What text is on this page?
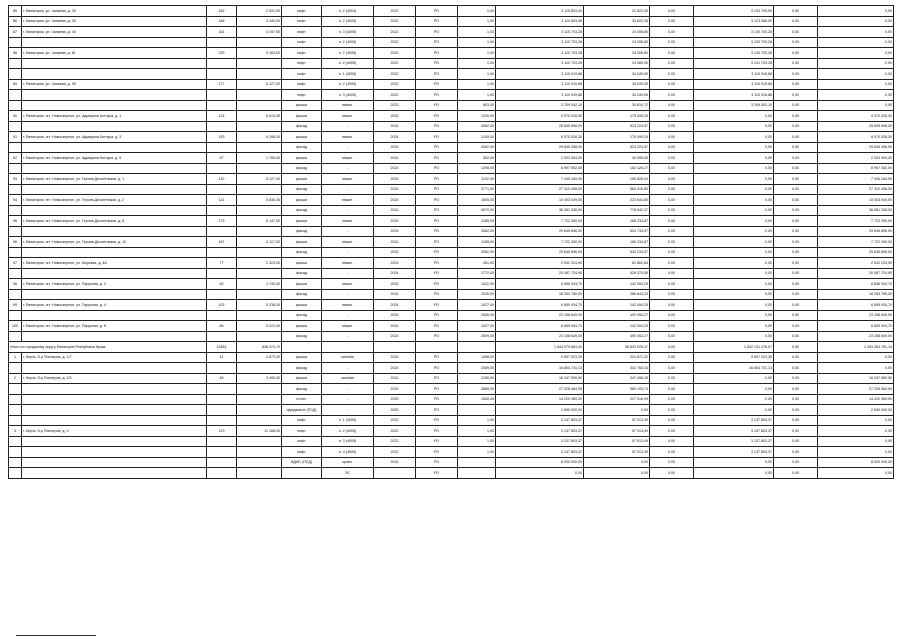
85	г. Евпатория, ул. Чапаева, д. 35	182	2 531,00	лифт	п. 2 (4004)	2022	РО	1,00	3 110 803,40	22 822,39	0,00	3 133 709,00	0,00	0,00
86	г. Евпатория, ул. Чапаева, д. 39	166	3 449,00	лифт	п. 2 (4005)	2022	РО	1,00	3 110 803,46	33 822,39	0,00	3 123 086,00	0,00	0,00
87	г. Евпатория, ул. Чапаева, д. 40	161	3 197,00	лифт	п. 3 (4005)	2022	РО	1,00	3 110 703,28	24 006,80	0,00	3 130 703,28	0,00	0,00
				лифт	п. 2 (4005)	2022	РО	1,00	3 110 703,28	24 006,80	0,00	3 130 703,28	0,00	0,00
88	г. Евпатория, ул. Чапаева, д. 81	225	3 163,00	лифт	п. 2 (4005)	2022	РО	1,00	3 110 703,28	24 006,80	0,00	3 130 703,28	0,00	0,00
				лифт	п. 2 (4005)	2022	РО	1,00	3 110 703,28	24 069,00	0,00	3 131 703,28	0,00	0,00
				лифт	п. 1 (4005)	2022	РО	1,00	3 110 919,88	34 049,05	0,00	3 110 918,88	0,00	0,00
89	г. Евпатория, ул. Чапаева, д. 95	277	6 127,00	лифт	п. 2 (4005)	2022	РО	1,00	3 110 919,88	34 049,05	0,00	3 110 919,88	0,00	0,00
				лифт	п. 3 (4005)	2022	РО	1,00	3 110 919,88	34 049,05	0,00	3 110 918,88	0,00	0,00
				крыша	нежил.	2023	РО	803,00	3 209 042,10	30 610,72	0,00	3 209 002,10	0,00	0,00
90	г. Евпатория, пгт. Новоозерное, ул. Адмирала Котлука, д. 1	124	6 613,45	крыша	нежил.	2024	РО	1249,00	9 070 028,30	175 099,20	0,00	0,00	0,00	9 070 028,30
				фасад	-	2024	РО	4062,00	25 845 898,00	524 224,57	0,00	0,00	0,00	25 845 898,00
91	г. Евпатория, пгт. Новоозерное, ул. Адмирала Котлука, д. 3	153	6 288,00	крыша	нежил.	2024	РО	1249,00	8 070 028,30	175 099,20	0,00	0,00	0,00	8 070 028,30
				фасад	-	2024	РО	4062,00	29 845 398,00	524 224,57	0,00	0,00	0,00	29 845 398,00
92	г. Евпатория, пгт. Новоозерное, ул. Адмирала Котлука, д. 5	57	1 769,00	крыша	нежил.	2024	РО	552,00	2 003 904,00	40 555,55	0,00	0,00	0,00	2 003 904,00
				фасад	-	2024	РО	1298,00	8 997 052,00	182 426,27	0,00	0,00	0,00	8 997 052,00
93	г. Евпатория, пгт. Новоозерное, ул. Героев-Десантников, д. 1	110	5 127,00	крыша	нежил.	2024	РО	1102,00	7 445 184,00	159 826,04	0,00	0,00	0,00	7 445 184,00
				фасад	-	2024	РО	3771,00	27 310 498,00	584 415,80	0,00	0,00	0,00	27 310 498,00
94	г. Евпатория, пгт. Новоозерное, ул. Героев-Десантников, д. 2	121	5 830,45	крыша	нежил.	2024	РО	1605,00	10 403 049,00	223 844,80	0,00	0,00	0,00	10 403 049,00
				фасад	-	2024	РО	4970,00	36 081 336,00	778 042,37	0,00	0,00	0,00	36 081 336,00
95	г. Евпатория, пгт. Новоозерное, ул. Героев-Десантников, д. 8	175	6 147,00	крыша	нежил.	2024	РО	1185,00	7 722 390,00	165 234,87	0,00	0,00	0,00	7 722 390,00
				фасад	-	2024	РО	4062,00	29 645 896,00	624 734,57	0,00	0,00	0,00	29 645 896,00
96	г. Евпатория, пгт. Новоозерное, ул. Героев-Десантников, д. 10	167	6 117,00	крыша	нежил.	2024	РО	1185,00	7 722 390,00	165 234,87	0,00	0,00	0,00	7 722 390,00
				фасад	-	2024	РО	4062,00	29 645 896,00	634 234,57	0,00	0,00	0,00	29 645 896,00
97	г. Евпатория, пгт. Новоозерное, ул. Морская, д. 4А	77	2 323,00	крыша	нежил.	2024	РО	451,00	2 942 224,90	62 862,64	0,00	0,00	0,00	2 942 224,90
				фасад	-	2024	РО	2772,00	20 087 724,90	429 375,55	0,00	0,00	0,00	20 087 724,90
98	г. Евпатория, пгт. Новоозерное, ул. Парусная, д. 2	40	1 740,00	крыша	нежил.	2024	РО	1022,00	6 658 934,70	142 094,25	0,00	0,00	0,00	6 658 934,70
				фасад	-	2024	РО	2026,00	18 253 789,00	286 844,33	0,00	0,00	0,00	18 253 789,00
99	г. Евпатория, пгт. Новоозерное, ул. Парусная, д. 4	102	5 238,00	крыша	нежил.	2024	РО	1027,00	6 659 934,70	142 094,25	0,00	0,00	0,00	6 659 934,70
				фасад	-	2024	РО	2506,00	23 158 649,00	490 053,27	0,00	0,00	0,00	23 158 649,00
100	г. Евпатория, пгт. Новоозерное, ул. Парусная, д. 6	86	5 222,00	крыша	нежил.	2024	РО	1027,00	6 659 934,70	142 094,25	0,00	0,00	0,00	6 659 934,70
				фасад	-	2024	РО	2509,00	23 158 649,00	490 053,27	0,00	0,00	0,00	23 158 649,00
Итого по городскому округу Евпатория Республики Крым:		19481	846 374,70						1 844 079 663,40	38 843 925,37	0,00	1 842 131 276,07	0,00	1 493 354 761,14
1	г. Керчь, б-р Пионеров, д. 1/7	41	4 673,30	крыша	скатная	2024	РО	1498,00	9 657 023,35	201 672,32	0,00	9 657 023,35	0,00	0,00
				фасад	-	2024	РО	2089,00	16 804 731,13	342 763,34	0,00	16 804 731,13	0,00	0,00
2	г. Керчь, б-р Пионеров, д. 2/3	48	3 405,30	крыша	скатная	2024	РО	2156,00	16 247 559,90	347 496,25	0,00	0,00	0,00	16 247 559,90
				фасад	-	2024	РО	3869,00	27 228 464,90	589 105,74	0,00	0,00	0,00	27 228 464,90
				отопл.	-	2025	РО	1549,44	14 220 369,00	227 516,09	0,00	0,00	0,00	14 220 369,00
				фундамент (ПСД)	-	2025	РО	-	2 690 000,00	0,00	0,00	0,00	0,00	2 690 000,00
				лифт	п. 1 (4005)	2022	РО	1,00	3 137 803,37	57 913,49	0,00	3 137 803,37	0,00	0,00
3	г. Керчь, б-р Пионеров, д. 3	129	11 168,00	лифт	п. 2 (4005)	2022	РО	1,00	3 137 803,37	57 913,49	0,00	3 137 803,37	0,00	0,00
				лифт	п. 3 (4005)	2022	РО	1,00	3 137 803,37	57 913,49	0,00	3 137 803,37	0,00	0,00
				лифт	п. 4 (4005)	2022	РО	1,00	3 137 803,37	57 913,49	0,00	3 137 803,37	0,00	0,00
				ВДИС (ПСД)	кровл.	2024	РО	-	8 000 000,00	0,00	0,00	0,00	0,00	8 000 000,00
					ЭС		РО		0,00	0,00	0,00	0,00	0,00	0,00
